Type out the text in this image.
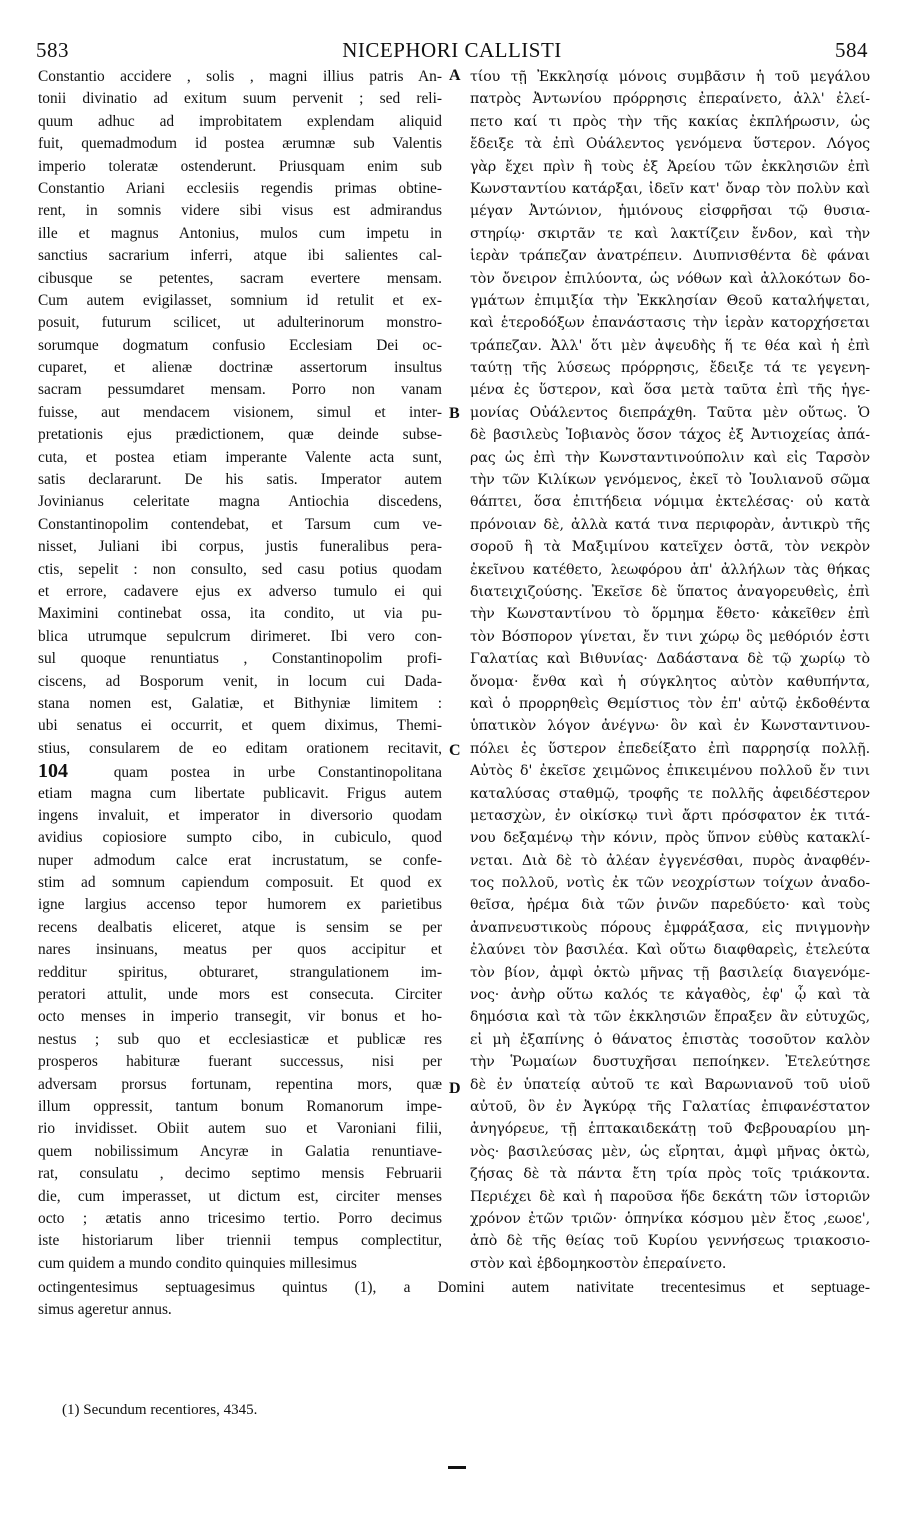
583	NICEPHORI CALLISTI	584
Constantio accidere , solis , magni illius patris An-
tonii divinatio ad exitum suum pervenit ; sed reli-
quum adhuc ad improbitatem explendam aliquid
fuit, quemadmodum id postea ærumnæ sub Valentis
imperio toleratæ ostenderunt. Priusquam enim sub
Constantio Ariani ecclesiis regendis primas obtine-
rent, in somnis videre sibi visus est admirandus
ille et magnus Antonius, mulos cum impetu in
sanctius sacrarium inferri, atque ibi salientes cal-
cibusque se petentes, sacram evertere mensam.
Cum autem evigilasset, somnium id retulit et ex-
posuit, futurum scilicet, ut adulterinorum monstro-
sorumque dogmatum confusio Ecclesiam Dei oc-
cuparet, et alienæ doctrinæ assertorum insultus
sacram pessumdaret mensam. Porro non vanam
fuisse, aut mendacem visionem, simul et inter-
pretationis ejus prædictionem, quæ deinde subse-
cuta, et postea etiam imperante Valente acta sunt,
satis declararunt. De his satis. Imperator autem
Jovinianus celeritate magna Antiochia discedens,
Constantinopolim contendebat, et Tarsum cum ve-
nisset, Juliani ibi corpus, justis funeralibus pera-
ctis, sepelit : non consulto, sed casu potius quodam
et errore, cadavere ejus ex adverso tumulo ei qui
Maximini continebat ossa, ita condito, ut via pu-
blica utrumque sepulcrum dirimeret. Ibi vero con-
sul quoque renuntiatus , Constantinopolim profi-
ciscens, ad Bosporum venit, in locum cui Dada-
stana nomen est, Galatiæ, et Bithyniæ limitem :
ubi senatus ei occurrit, et quem diximus, Themi-
stius, consularem de eo editam orationem recitavit,
104	quam postea in urbe Constantinopolitana
etiam magna cum libertate publicavit. Frigus autem
ingens invaluit, et imperator in diversorio quodam
avidius copiosiore sumpto cibo, in cubiculo, quod
nuper admodum calce erat incrustatum, se confe-
stim ad somnum capiendum composuit. Et quod ex
igne largius accenso tepor humorem ex parietibus
recens dealbatis eliceret, atque is sensim se per
nares insinuans, meatus per quos accipitur et
redditur spiritus, obturaret, strangulationem im-
peratori attulit, unde mors est consecuta. Circiter
octo menses in imperio transegit, vir bonus et ho-
nestus ; sub quo et ecclesiasticæ et publicæ res
prosperos habituræ fuerant successus, nisi per
adversam prorsus fortunam, repentina mors, quæ
illum oppressit, tantum bonum Romanorum impe-
rio invidisset. Obiit autem suo et Varoniani filii,
quem nobilissimum Ancyræ in Galatia renuntiave-
rat, consulatu , decimo septimo mensis Februarii
die, cum imperasset, ut dictum est, circiter menses
octo ; ætatis anno tricesimo tertio. Porro decimus
iste historiarum liber triennii tempus complectitur,
cum quidem a mundo condito quinquies millesimus
τίου τῇ Ἐκκλησίᾳ μόνοις συμβᾶσιν ἡ τοῦ μεγάλου
πατρὸς Ἀντωνίου πρόρρησις ἐπεραίνετο, ἀλλ' ἐλεί-
πετο καί τι πρὸς τὴν τῆς κακίας ἐκπλήρωσιν, ὡς
ἔδειξε τὰ ἐπὶ Οὐάλεντος γενόμενα ὕστερον. Λόγος
γὰρ ἔχει πρὶν ἢ τοὺς ἐξ Ἀρείου τῶν ἐκκλησιῶν ἐπὶ
Κωνσταντίου κατάρξαι, ἰδεῖν κατ' ὄναρ τὸν πολὺν καὶ
μέγαν Ἀντώνιον, ἡμιόνους εἰσφρῆσαι τῷ θυσια-
στηρίῳ· σκιρτᾶν τε καὶ λακτίζειν ἔνδον, καὶ τὴν
ἱερὰν τράπεζαν ἀνατρέπειν. Διυπνισθέντα δὲ φάναι
τὸν ὄνειρον ἐπιλύοντα, ὡς νόθων καὶ ἀλλοκότων δο-
γμάτων ἐπιμιξία τὴν Ἐκκλησίαν Θεοῦ καταλήψεται,
καὶ ἑτεροδόξων ἐπανάστασις τὴν ἱερὰν κατορχήσεται
τράπεζαν. Ἀλλ' ὅτι μὲν ἀψευδὴς ἥ τε θέα καὶ ἡ ἐπὶ
ταύτῃ τῆς λύσεως πρόρρησις, ἔδειξε τά τε γεγενη-
μένα ἐς ὕστερον, καὶ ὅσα μετὰ ταῦτα ἐπὶ τῆς ἡγε-
μονίας Οὐάλεντος διεπράχθη. Ταῦτα μὲν οὕτως. Ὁ
δὲ βασιλεὺς Ἰοβιανὸς ὅσον τάχος ἐξ Ἀντιοχείας ἀπά-
ρας ὡς ἐπὶ τὴν Κωνσταντινούπολιν καὶ εἰς Ταρσὸν
τὴν τῶν Κιλίκων γενόμενος, ἐκεῖ τὸ Ἰουλιανοῦ σῶμα
θάπτει, ὅσα ἐπιτήδεια νόμιμα ἐκτελέσας· οὐ κατὰ
πρόνοιαν δὲ, ἀλλὰ κατά τινα περιφορὰν, ἀντικρὺ τῆς
σοροῦ ἣ τὰ Μαξιμίνου κατεῖχεν ὀστᾶ, τὸν νεκρὸν
ἐκεῖνου κατέθετο, λεωφόρου ἀπ' ἀλλήλων τὰς θήκας
διατειχιζούσης. Ἐκεῖσε δὲ ὕπατος ἀναγορευθεὶς, ἐπὶ
τὴν Κωνσταντίνου τὸ ὅρμημα ἔθετο· κἀκεῖθεν ἐπὶ
τὸν Βόσπορον γίνεται, ἔν τινι χώρῳ ὃς μεθόριόν ἐστι
Γαλατίας καὶ Βιθυνίας· Δαδάστανα δὲ τῷ χωρίῳ τὸ
ὄνομα· ἔνθα καὶ ἡ σύγκλητος αὐτὸν καθυπήντα,
καὶ ὁ προρρηθεὶς Θεμίστιος τὸν ἐπ' αὐτῷ ἐκδοθέντα
ὑπατικὸν λόγον ἀνέγνω· ὃν καὶ ἐν Κωνσταντινου-
πόλει ἐς ὕστερον ἐπεδείξατο ἐπὶ παρρησίᾳ πολλῇ.
Αὐτὸς δ' ἐκεῖσε χειμῶνος ἐπικειμένου πολλοῦ ἔν τινι
καταλύσας σταθμῷ, τροφῆς τε πολλῆς ἀφειδέστερον
μετασχὼν, ἐν οἰκίσκῳ τινὶ ἄρτι πρόσφατον ἐκ τιτά-
νου δεξαμένῳ τὴν κόνιν, πρὸς ὕπνον εὐθὺς κατακλί-
νεται. Διὰ δὲ τὸ ἀλέαν ἐγγενέσθαι, πυρὸς ἀναφθέν-
τος πολλοῦ, νοτὶς ἐκ τῶν νεοχρίστων τοίχων ἀναδο-
θεῖσα, ἠρέμα διὰ τῶν ῥινῶν παρεδύετο· καὶ τοὺς
ἀναπνευστικοὺς πόρους ἐμφράξασα, εἰς πνιγμονὴν
ἐλαύνει τὸν βασιλέα. Καὶ οὕτω διαφθαρεὶς, ἐτελεύτα
τὸν βίον, ἀμφὶ ὀκτὼ μῆνας τῇ βασιλείᾳ διαγενόμε-
νος· ἀνὴρ οὕτω καλός τε κἀγαθὸς, ἐφ' ᾧ καὶ τὰ
δημόσια καὶ τὰ τῶν ἐκκλησιῶν ἔπραξεν ἂν εὐτυχῶς,
εἰ μὴ ἐξαπίνης ὁ θάνατος ἐπιστὰς τοσοῦτον καλὸν
τὴν Ῥωμαίων δυστυχῆσαι πεποίηκεν. Ἐτελεύτησε
δὲ ἐν ὑπατείᾳ αὐτοῦ τε καὶ Βαρωνιανοῦ τοῦ υἱοῦ
αὐτοῦ, ὃν ἐν Ἀγκύρᾳ τῆς Γαλατίας ἐπιφανέστατον
ἀνηγόρευε, τῇ ἑπτακαιδεκάτῃ τοῦ Φεβρουαρίου μη-
νὸς· βασιλεύσας μὲν, ὡς εἴρηται, ἀμφὶ μῆνας ὀκτὼ,
ζήσας δὲ τὰ πάντα ἔτη τρία πρὸς τοῖς τριάκοντα.
Περιέχει δὲ καὶ ἡ παροῦσα ἥδε δεκάτη τῶν ἱστοριῶν
χρόνον ἐτῶν τριῶν· ὁπηνίκα κόσμου μὲν ἔτος ‚εωοε',
ἀπὸ δὲ τῆς θείας τοῦ Κυρίου γεννήσεως τριακοσιο-
στὸν καὶ ἑβδομηκοστὸν ἐπεραίνετο.
A
B
C
D
octingentesimus septuagesimus quintus (1), a Domini autem nativitate trecentesimus et septuage-
simus ageretur annus.
(1) Secundum recentiores, 4345.
